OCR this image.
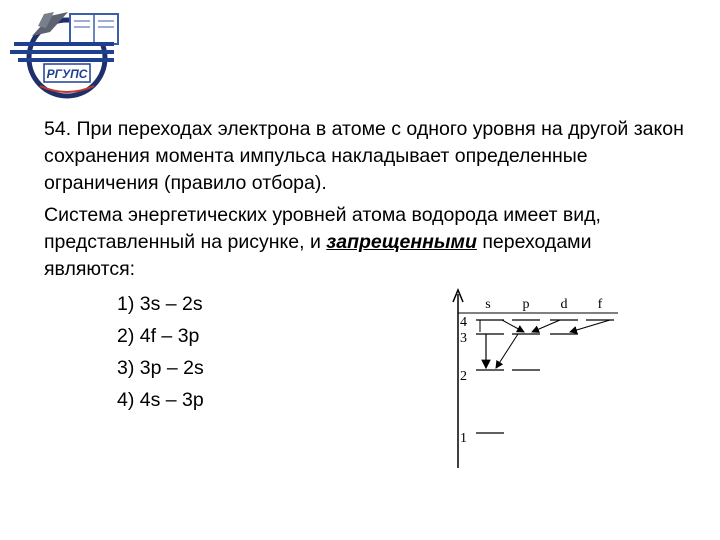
РГУПС

54. При переходах электрона в атоме с одного уровня на другой закон сохранения момента импульса накладывает определенные ограничения (правило отбора).

Система энергетических уровней атома водорода имеет вид, представленный на рисунке, и запрещенными переходами являются:

1) 3s – 2s
2) 4f – 3p
3) 3p – 2s
4) 4s – 3p
s p d f
4
3
2
1
